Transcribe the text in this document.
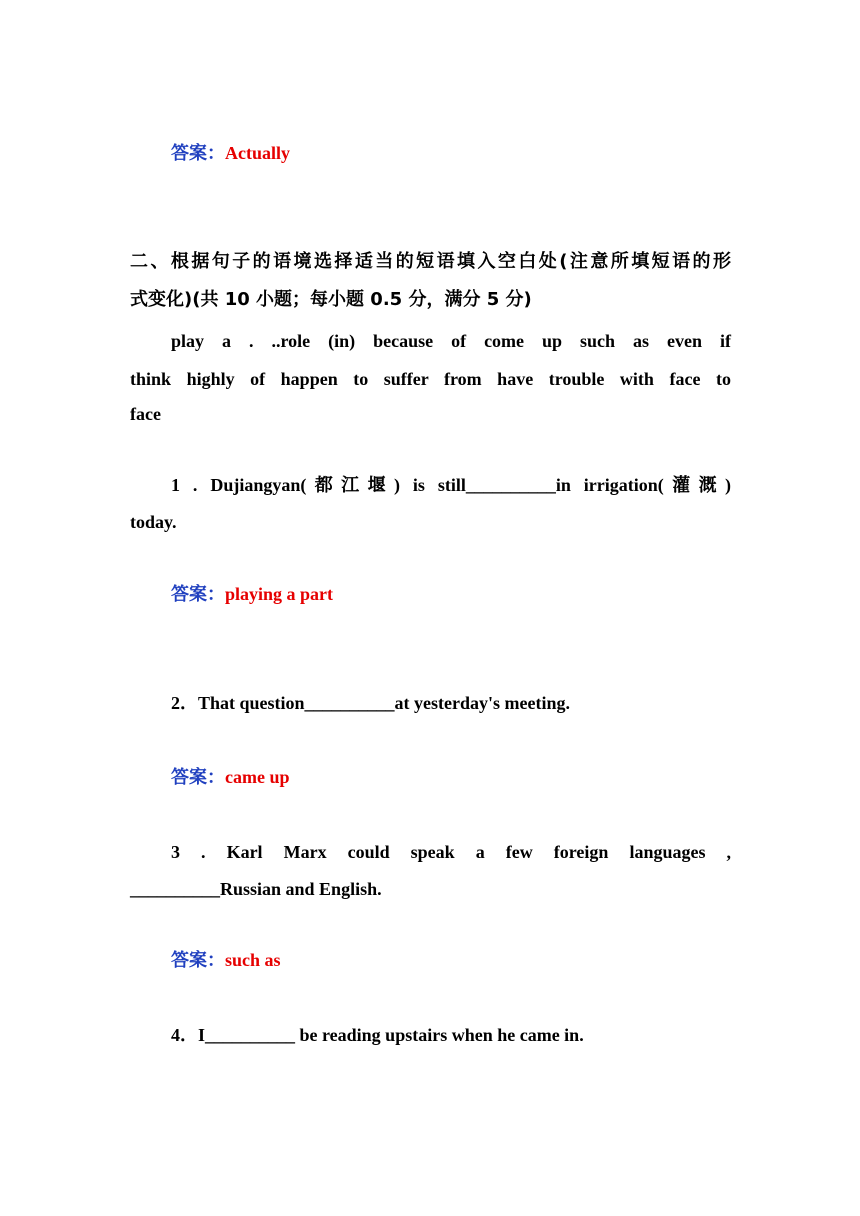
答案：Actually
二、根据句子的语境选择适当的短语填入空白处(注意所填短语的形
式变化)(共 10 小题；每小题 0.5 分，满分 5 分)
play a . ..role (in) because of come up such as even if
think highly of happen to suffer from have trouble with face to
face
1 . Dujiangyan(都江堰) is still__________in irrigation(灌溉)
today.
答案：playing a part
2．That question__________at yesterday's meeting.
答案：came up
3 . Karl Marx could speak a few foreign languages ,
__________Russian and English.
答案：such as
4．I__________ be reading upstairs when he came in.
